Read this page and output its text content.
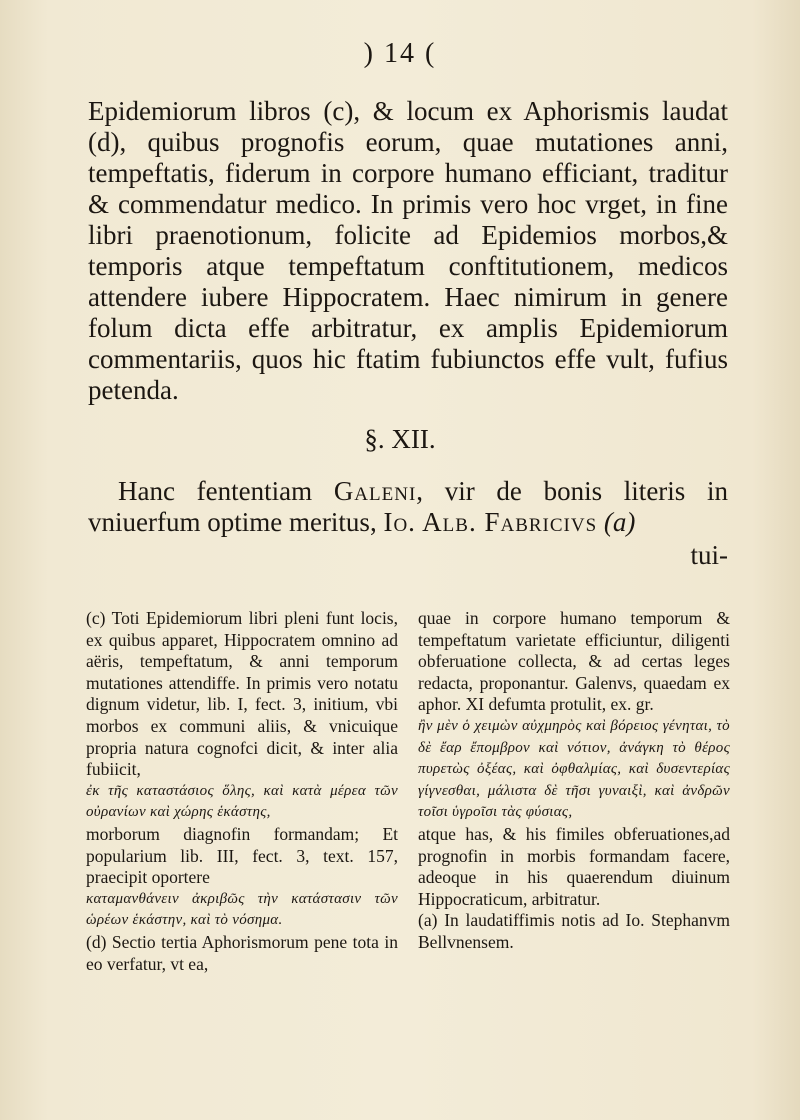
) 14 (

Epidemiorum libros (c), & locum ex Aphorismis laudat (d), quibus prognofis eorum, quae mutationes anni, tempeftatis, fiderum in corpore humano efficiant, traditur & commendatur medico. In primis vero hoc vrget, in fine libri praenotionum, folicite ad Epidemios morbos,& temporis atque tempeftatum conftitutionem, medicos attendere iubere Hippocratem. Haec nimirum in genere folum dicta effe arbitratur, ex amplis Epidemiorum commentariis, quos hic ftatim fubiunctos effe vult, fufius petenda.

§. XII.
Hanc fententiam Galeni, vir de bonis literis in vniuerfum optime meritus, Io. Alb. Fabricivs (a)
tui-

(c) Toti Epidemiorum libri pleni funt locis, ex quibus apparet, Hippocratem omnino ad aëris, tempeftatum, & anni temporum mutationes attendiffe. In primis vero notatu dignum videtur, lib. I, fect. 3, initium, vbi morbos ex communi aliis, & vnicuique propria natura cognofci dicit, & inter alia fubiicit,

ἐκ τῆς καταστάσιος ὅλης, καὶ κατὰ μέρεα τῶν οὐρανίων καὶ χώρης ἑκάστης,

morborum diagnofin formandam; Et popularium lib. III, fect. 3, text. 157, praecipit oportere

καταμανθάνειν ἀκριβῶς τὴν κατάστασιν τῶν ὡρέων ἑκάστην, καὶ τὸ νόσημα.

(d) Sectio tertia Aphorismorum pene tota in eo verfatur, vt ea,

quae in corpore humano temporum & tempeftatum varietate efficiuntur, diligenti obferuatione collecta, & ad certas leges redacta, proponantur. Galenvs, quaedam ex aphor. XI defumta protulit, ex. gr.

ἢν μὲν ὁ χειμὼν αὐχμηρὸς καὶ βόρειος γένηται, τὸ δὲ ἔαρ ἔπομβρον καὶ νότιον, ἀνάγκη τὸ θέρος πυρετὼς ὀξέας, καὶ ὀφθαλμίας, καὶ δυσεντερίας γίγνεσθαι, μάλιστα δὲ τῆσι γυναιξὶ, καὶ ἀνδρῶν τοῖσι ὑγροῖσι τὰς φύσιας,

atque has, & his fimiles obferuationes,ad prognofin in morbis formandam facere, adeoque in his quaerendum diuinum Hippocraticum, arbitratur.

(a) In laudatiffimis notis ad Io. Stephanvm Bellvnensem.
